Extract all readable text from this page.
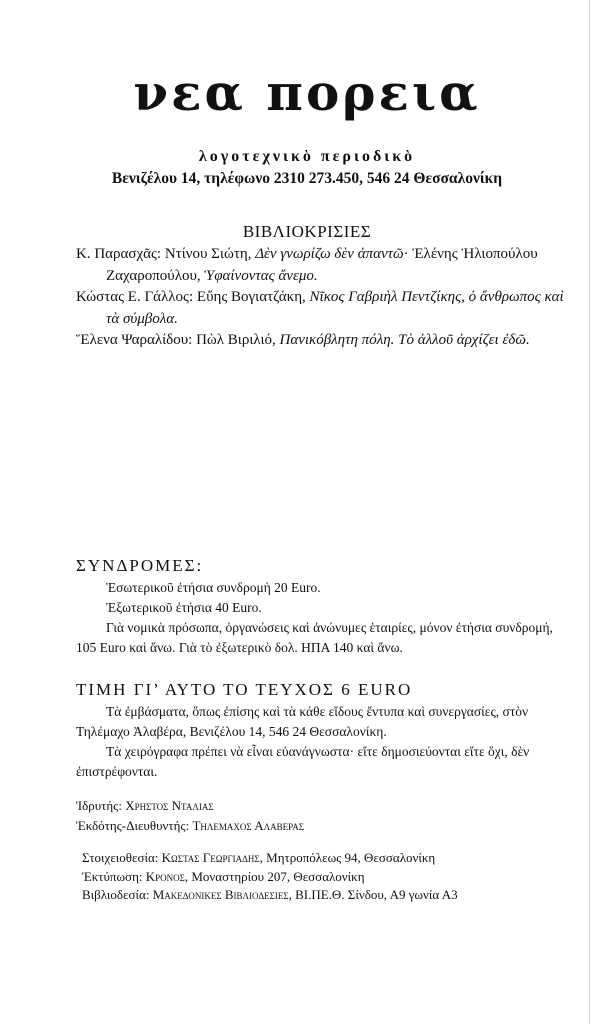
νεα πορεια
λογοτεχνικὸ περιοδικὸ
Βενιζέλου 14, τηλέφωνο 2310 273.450, 546 24 Θεσσαλονίκη
ΒΙΒΛΙΟΚΡΙΣΙΕΣ

Κ. Παρασχᾶς: Ντίνου Σιώτη, Δὲν γνωρίζω δὲν ἀπαντῶ· Ἑλένης Ἠλιοπούλου Ζαχαροπούλου, Ὑφαίνοντας ἄνεμο.

Κώστας Ε. Γάλλος: Εὔης Βογιατζάκη, Νῖκος Γαβριὴλ Πεντζίκης, ὁ ἄνθρωπος καὶ τὰ σύμβολα.

Ἕλενα Ψαραλίδου: Πὼλ Βιριλιό, Πανικόβλητη πόλη. Τὸ ἀλλοῦ ἀρχίζει ἐδῶ.

ΣΥΝΔΡΟΜΕΣ:

Ἐσωτερικοῦ ἐτήσια συνδρομὴ 20 Euro.

Ἐξωτερικοῦ ἐτήσια 40 Euro.

Γιὰ νομικὰ πρόσωπα, ὀργανώσεις καὶ ἀνώνυμες ἑταιρίες, μόνον ἐτήσια συνδρομή, 105 Euro καὶ ἄνω. Γιὰ τὸ ἐξωτερικὸ δολ. ΗΠΑ 140 καὶ ἄνω.

ΤΙΜΗ ΓΙ’ ΑΥΤΟ ΤΟ ΤΕΥΧΟΣ 6 EURO

Τὰ ἐμβάσματα, ὅπως ἐπίσης καὶ τὰ κάθε εἴδους ἔντυπα καὶ συνεργασίες, στὸν Τηλέμαχο Ἀλαβέρα, Βενιζέλου 14, 546 24 Θεσσαλονίκη.

Τὰ χειρόγραφα πρέπει νὰ εἶναι εὐανάγνωστα· εἴτε δημοσιεύονται εἴτε ὄχι, δὲν ἐπιστρέφονται.

Ἱδρυτής: Χρηστος Νταλιας
Ἐκδότης-Διευθυντής: Τηλεμαχος Αλαβερας
Στοιχειοθεσία: Κωστας Γεωργιαδης, Μητροπόλεως 94, Θεσσαλονίκη
Ἐκτύπωση: Κρονος, Μοναστηρίου 207, Θεσσαλονίκη
Βιβλιοδεσία: Μακεδονικες Βιβλιοδεσιες, ΒΙ.ΠΕ.Θ. Σίνδου, Α9 γωνία Α3
